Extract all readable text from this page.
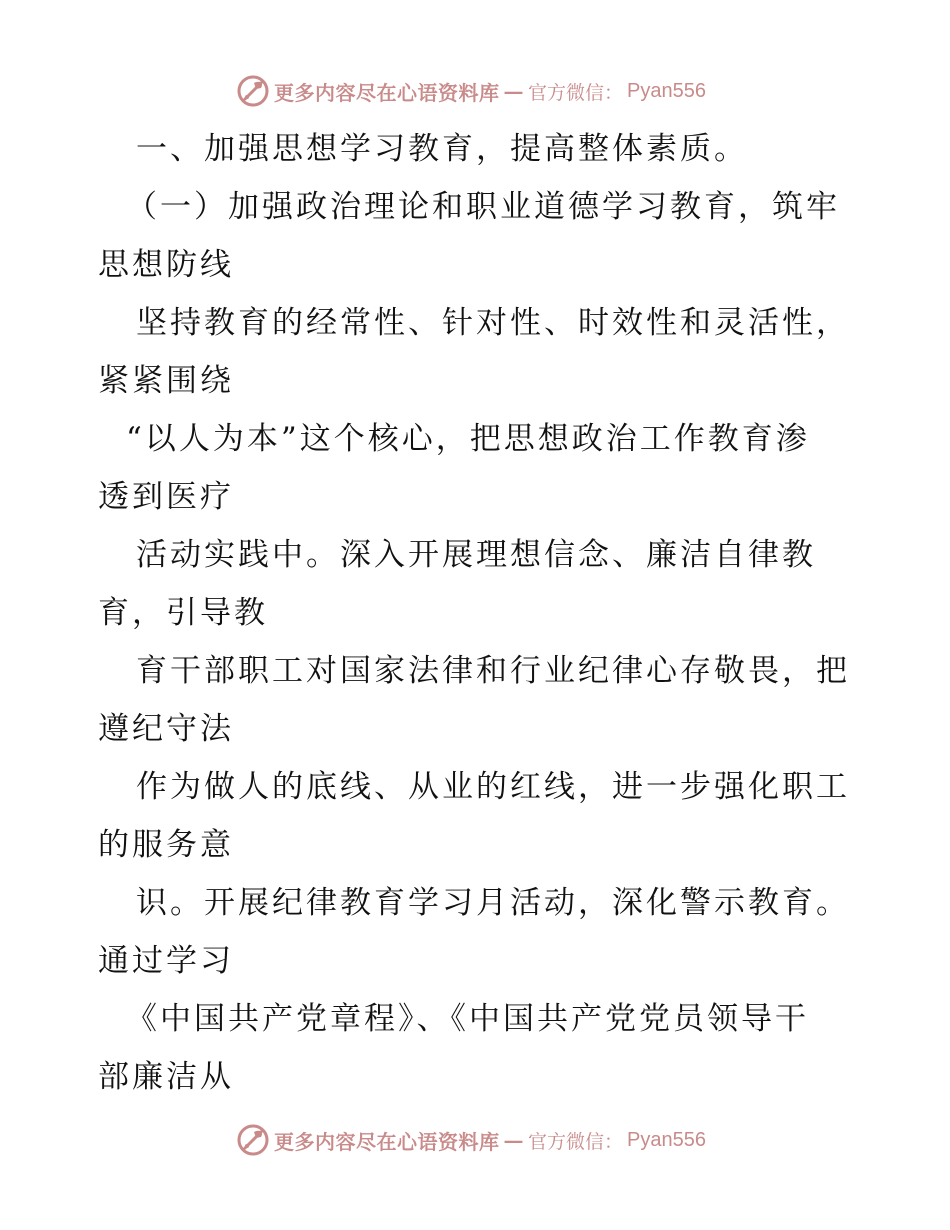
更多内容尽在心语资料库 — 官方微信： Pyan556
一、加强思想学习教育，提高整体素质。
（一）加强政治理论和职业道德学习教育，筑牢
思想防线
坚持教育的经常性、针对性、时效性和灵活性，
紧紧围绕
“以人为本”这个核心，把思想政治工作教育渗
透到医疗
活动实践中。深入开展理想信念、廉洁自律教
育，引导教
育干部职工对国家法律和行业纪律心存敬畏，把
遵纪守法
作为做人的底线、从业的红线，进一步强化职工
的服务意
识。开展纪律教育学习月活动，深化警示教育。
通过学习
《中国共产党章程》、《中国共产党党员领导干
部廉洁从
更多内容尽在心语资料库 — 官方微信： Pyan556
